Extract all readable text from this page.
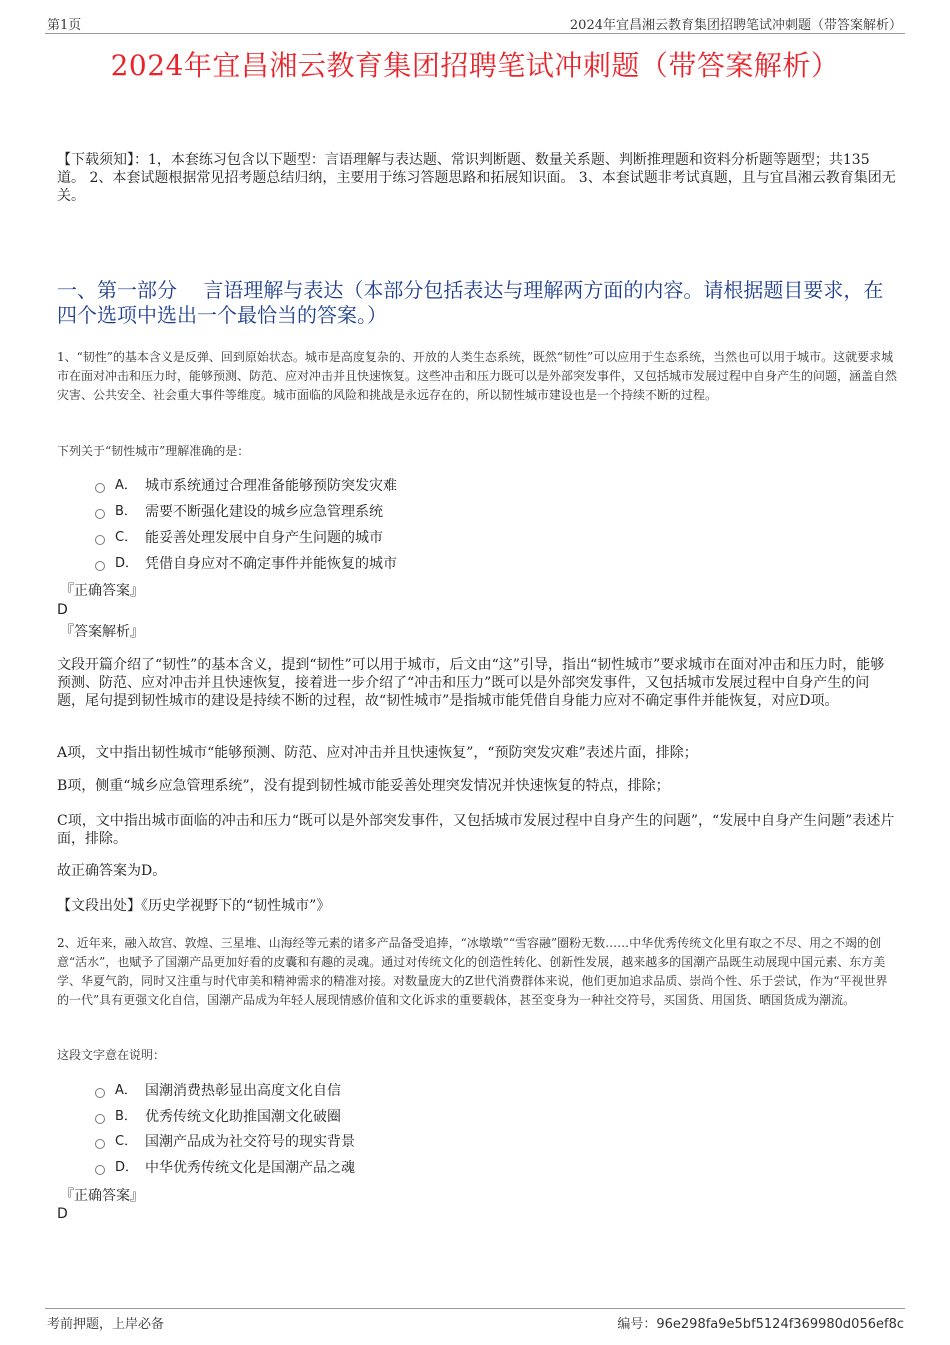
第1页	2024年宜昌湘云教育集团招聘笔试冲刺题（带答案解析）
2024年宜昌湘云教育集团招聘笔试冲刺题（带答案解析）
【下载须知】：1，本套练习包含以下题型：言语理解与表达题、常识判断题、数量关系题、判断推理题和资料分析题等题型；共135道。 2、本套试题根据常见招考题总结归纳，主要用于练习答题思路和拓展知识面。 3、本套试题非考试真题，且与宜昌湘云教育集团无关。
一、第一部分　 言语理解与表达（本部分包括表达与理解两方面的内容。请根据题目要求，在四个选项中选出一个最恰当的答案。）
1、“韧性”的基本含义是反弹、回到原始状态。城市是高度复杂的、开放的人类生态系统，既然“韧性”可以应用于生态系统，当然也可以用于城市。这就要求城市在面对冲击和压力时，能够预测、防范、应对冲击并且快速恢复。这些冲击和压力既可以是外部突发事件，又包括城市发展过程中自身产生的问题，涵盖自然灾害、公共安全、社会重大事件等维度。城市面临的风险和挑战是永远存在的，所以韧性城市建设也是一个持续不断的过程。
下列关于“韧性城市”理解准确的是：
A． 城市系统通过合理准备能够预防突发灾难
B． 需要不断强化建设的城乡应急管理系统
C． 能妥善处理发展中自身产生问题的城市
D． 凭借自身应对不确定事件并能恢复的城市
『正确答案』
D
『答案解析』
文段开篇介绍了“韧性”的基本含义，提到“韧性”可以用于城市，后文由“这”引导，指出“韧性城市”要求城市在面对冲击和压力时，能够预测、防范、应对冲击并且快速恢复，接着进一步介绍了“冲击和压力”既可以是外部突发事件，又包括城市发展过程中自身产生的问题，尾句提到韧性城市的建设是持续不断的过程，故“韧性城市”是指城市能凭借自身能力应对不确定事件并能恢复，对应D项。
A项，文中指出韧性城市“能够预测、防范、应对冲击并且快速恢复”，“预防突发灾难”表述片面，排除；
B项，侧重“城乡应急管理系统”，没有提到韧性城市能妥善处理突发情况并快速恢复的特点，排除；
C项，文中指出城市面临的冲击和压力“既可以是外部突发事件，又包括城市发展过程中自身产生的问题”，“发展中自身产生问题”表述片面，排除。
故正确答案为D。
【文段出处】《历史学视野下的“韧性城市”》
2、近年来，融入故宫、敦煌、三星堆、山海经等元素的诸多产品备受追捧，“冰墩墩”“雪容融”圈粉无数……中华优秀传统文化里有取之不尽、用之不竭的创意“活水”，也赋予了国潮产品更加好看的皮囊和有趣的灵魂。通过对传统文化的创造性转化、创新性发展，越来越多的国潮产品既生动展现中国元素、东方美学、华夏气韵，同时又注重与时代审美和精神需求的精准对接。对数量庞大的Z世代消费群体来说，他们更加追求品质、崇尚个性、乐于尝试，作为“平视世界的一代”具有更强文化自信，国潮产品成为年轻人展现情感价值和文化诉求的重要载体，甚至变身为一种社交符号，买国货、用国货、晒国货成为潮流。
这段文字意在说明：
A． 国潮消费热彰显出高度文化自信
B． 优秀传统文化助推国潮文化破圈
C． 国潮产品成为社交符号的现实背景
D． 中华优秀传统文化是国潮产品之魂
『正确答案』
D
考前押题，上岸必备	编号：96e298fa9e5bf5124f369980d056ef8c
